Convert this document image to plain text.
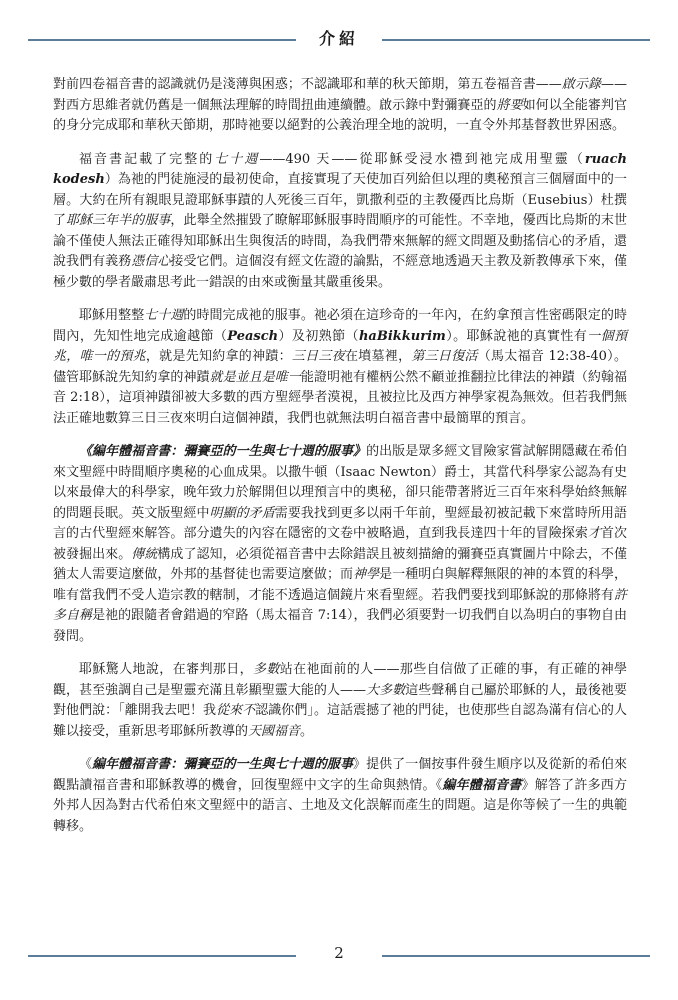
介紹

對前四卷福音書的認識就仍是淺薄與困惑；不認識耶和華的秋天節期，第五卷福音書——啟示錄——對西方思維者就仍舊是一個無法理解的時間扭曲連續體。啟示錄中對彌賽亞的將要如何以全能審判官的身分完成耶和華秋天節期，那時祂要以絕對的公義治理全地的說明，一直令外邦基督教世界困惑。

福音書記載了完整的七十週——490 天——從耶穌受浸水禮到祂完成用聖靈（ruach kodesh）為祂的門徒施浸的最初使命，直接實現了天使加百列給但以理的奧秘預言三個層面中的一層。大約在所有親眼見證耶穌事蹟的人死後三百年，凱撒利亞的主教優西比烏斯（Eusebius）杜撰了耶穌三年半的服事，此舉全然摧毀了瞭解耶穌服事時間順序的可能性。不幸地，優西比烏斯的末世論不僅使人無法正確得知耶穌出生與復活的時間，為我們帶來無解的經文問題及動搖信心的矛盾，還說我們有義務憑信心接受它們。這個沒有經文佐證的論點，不經意地透過天主教及新教傳承下來，僅極少數的學者嚴肅思考此一錯誤的由來或衡量其嚴重後果。

耶穌用整整七十週的時間完成祂的服事。祂必須在這珍奇的一年內，在約拿預言性密碼限定的時間內，先知性地完成逾越節（Peasch）及初熟節（haBikkurim）。耶穌說祂的真實性有一個預兆，唯一的預兆，就是先知約拿的神蹟：三日三夜在墳墓裡，第三日復活（馬太福音 12:38-40）。儘管耶穌說先知約拿的神蹟就是並且是唯一能證明祂有權柄公然不顧並推翻拉比律法的神蹟（約翰福音 2:18），這項神蹟卻被大多數的西方聖經學者漠視，且被拉比及西方神學家視為無效。但若我們無法正確地數算三日三夜來明白這個神蹟，我們也就無法明白福音書中最簡單的預言。

《編年體福音書：彌賽亞的一生與七十週的服事》的出版是眾多經文冒險家嘗試解開隱藏在希伯來文聖經中時間順序奧秘的心血成果。以撒牛頓（Isaac Newton）爵士，其當代科學家公認為有史以來最偉大的科學家，晚年致力於解開但以理預言中的奧秘，卻只能帶著將近三百年來科學始終無解的問題長眠。英文版聖經中明顯的矛盾需要我找到更多以兩千年前，聖經最初被記載下來當時所用語言的古代聖經來解答。部分遺失的內容在隱密的文卷中被略過，直到我長達四十年的冒險探索才首次被發掘出來。傳統構成了認知，必須從福音書中去除錯誤且被刻描繪的彌賽亞真實圖片中除去，不僅猶太人需要這麼做，外邦的基督徒也需要這麼做；而神學是一種明白與解釋無限的神的本質的科學，唯有當我們不受人造宗教的轄制，才能不透過這個鏡片來看聖經。若我們要找到耶穌說的那條將有許多自稱是祂的跟隨者會錯過的窄路（馬太福音 7:14），我們必須要對一切我們自以為明白的事物自由發問。

耶穌驚人地說，在審判那日，多數站在祂面前的人——那些自信做了正確的事，有正確的神學觀，甚至強調自己是聖靈充滿且彰顯聖靈大能的人——大多數這些聲稱自己屬於耶穌的人，最後祂要對他們說：「離開我去吧！我從來不認識你們」。這話震撼了祂的門徒，也使那些自認為滿有信心的人難以接受，重新思考耶穌所教導的天國福音。

《編年體福音書：彌賽亞的一生與七十週的服事》提供了一個按事件發生順序以及從新的希伯來觀點讀福音書和耶穌教導的機會，回復聖經中文字的生命與熱情。《編年體福音書》解答了許多西方外邦人因為對古代希伯來文聖經中的語言、土地及文化誤解而產生的問題。這是你等候了一生的典範轉移。

2
